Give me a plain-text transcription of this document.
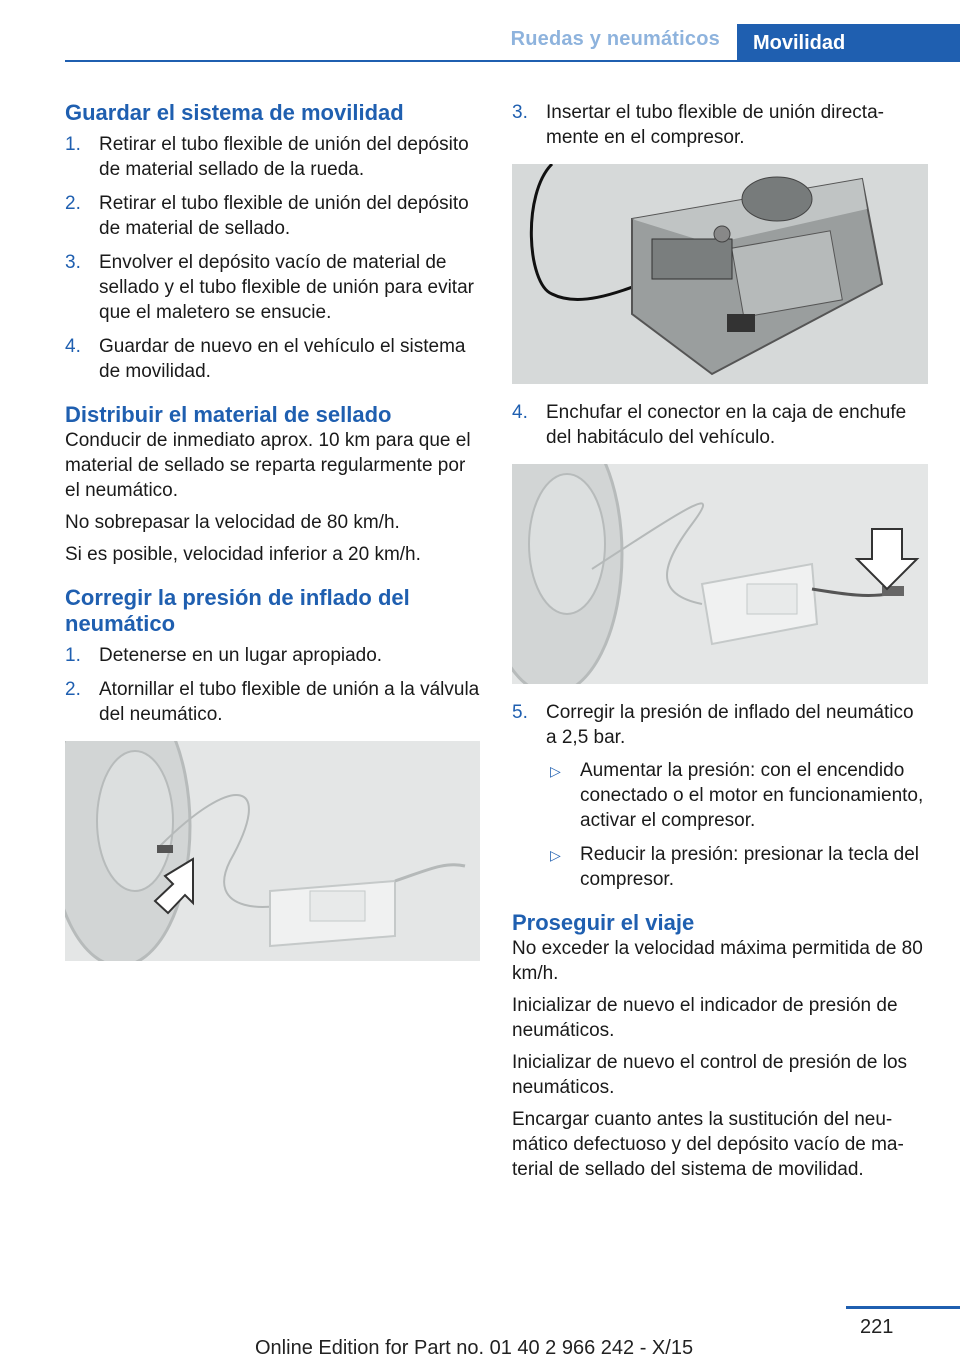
Ruedas y neumáticos	Movilidad
Guardar el sistema de movilidad
1. Retirar el tubo flexible de unión del depósito de material sellado de la rueda.
2. Retirar el tubo flexible de unión del depósito de material de sellado.
3. Envolver el depósito vacío de material de sellado y el tubo flexible de unión para evitar que el maletero se ensucie.
4. Guardar de nuevo en el vehículo el sistema de movilidad.
Distribuir el material de sellado

Conducir de inmediato aprox. 10 km para que el material de sellado se reparta regularmente por el neumático.

No sobrepasar la velocidad de 80 km/h.

Si es posible, velocidad inferior a 20 km/h.

Corregir la presión de inflado del neumático
1. Detenerse en un lugar apropiado.
2. Atornillar el tubo flexible de unión a la válvula del neumático.
3. Insertar el tubo flexible de unión directamente en el compresor.
4. Enchufar el conector en la caja de enchufe del habitáculo del vehículo.
5. Corregir la presión de inflado del neumático a 2,5 bar.
▷ Aumentar la presión: con el encendido conectado o el motor en funcionamiento, activar el compresor.
▷ Reducir la presión: presionar la tecla del compresor.
Proseguir el viaje

No exceder la velocidad máxima permitida de 80 km/h.

Inicializar de nuevo el indicador de presión de neumáticos.

Inicializar de nuevo el control de presión de los neumáticos.

Encargar cuanto antes la sustitución del neumático defectuoso y del depósito vacío de material de sellado del sistema de movilidad.

221
Online Edition for Part no. 01 40 2 966 242 - X/15
